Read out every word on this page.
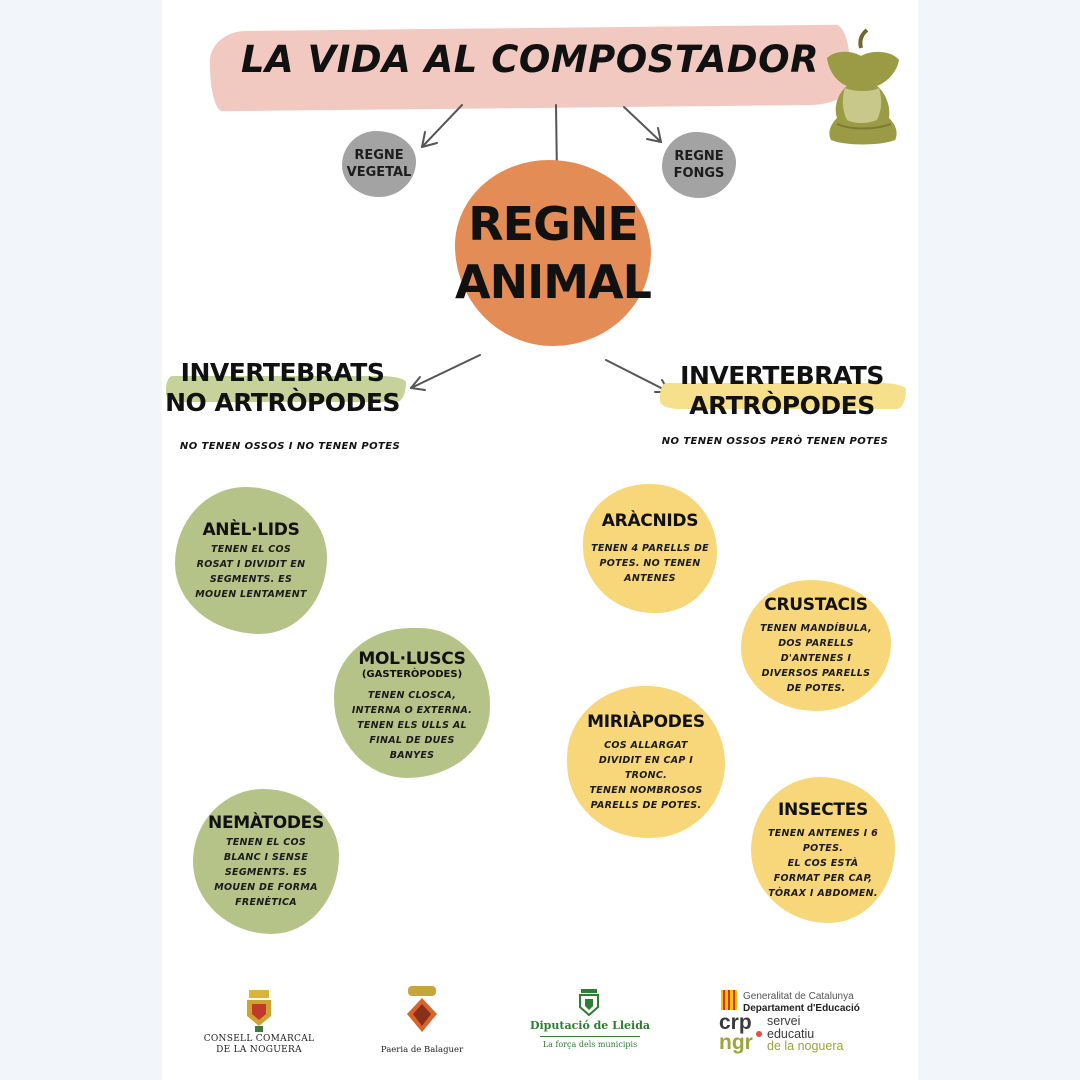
LA VIDA AL COMPOSTADOR
REGNE
VEGETAL
REGNE
FONGS
REGNE
ANIMAL
INVERTEBRATS
NO ARTRÒPODES
NO TENEN OSSOS I NO TENEN POTES
INVERTEBRATS
ARTRÒPODES
NO TENEN OSSOS PERÒ TENEN POTES
ANÈL·LIDS
TENEN EL COS
ROSAT I DIVIDIT EN
SEGMENTS. ES
MOUEN LENTAMENT
MOL·LUSCS
(GASTERÒPODES)
TENEN CLOSCA,
INTERNA O EXTERNA.
TENEN ELS ULLS AL
FINAL DE DUES
BANYES
NEMÀTODES
TENEN EL COS
BLANC I SENSE
SEGMENTS. ES
MOUEN DE FORMA
FRENÈTICA
ARÀCNIDS
TENEN 4 PARELLS DE
POTES. NO TENEN
ANTENES
CRUSTACIS
TENEN MANDÍBULA,
DOS PARELLS
D'ANTENES I
DIVERSOS PARELLS
DE POTES.
MIRIÀPODES
COS ALLARGAT
DIVIDIT EN CAP I
TRONC.
TENEN NOMBROSOS
PARELLS DE POTES.	INSECTES
TENEN ANTENES I 6
POTES.
EL COS ESTÀ
FORMAT PER CAP,
TÒRAX I ABDOMEN.
CONSELL COMARCAL
DE LA NOGUERA	Paeria de Balaguer
Diputació de Lleida
La força dels municipis
Generalitat de Catalunya
Departament d'Educació
crp
ngr
servei
educatiu
de la noguera
